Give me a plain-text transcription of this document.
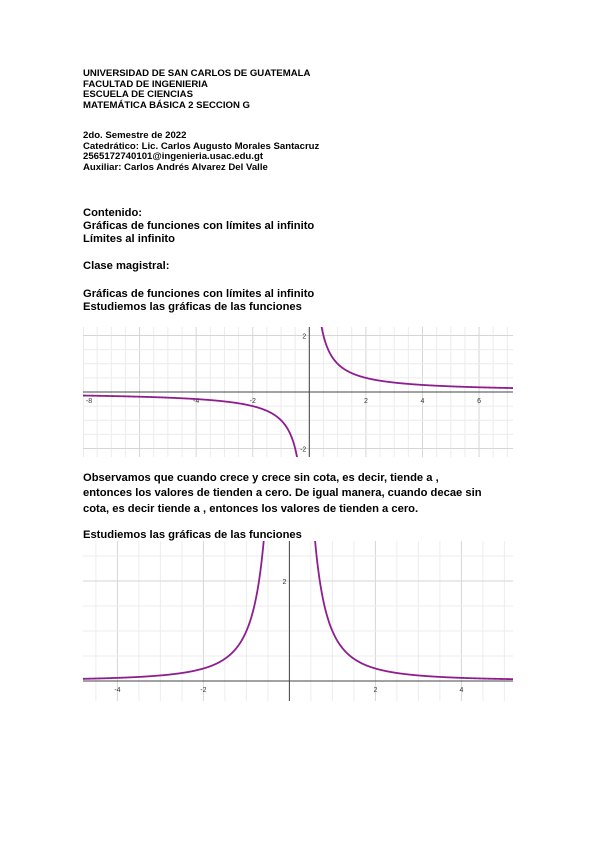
UNIVERSIDAD DE SAN CARLOS DE GUATEMALA
FACULTAD DE INGENIERIA
ESCUELA DE CIENCIAS
MATEMÁTICA BÁSICA 2 SECCION G
2do. Semestre de 2022
Catedrático: Lic. Carlos Augusto Morales Santacruz
2565172740101@ingenieria.usac.edu.gt
Auxiliar: Carlos Andrés Alvarez Del Valle
Contenido:
Gráficas de funciones con límites al infinito
Límites al infinito
Clase magistral:
Gráficas de funciones con límites al infinito
Estudiemos las gráficas de las funciones
-8	-4	-2	2	4	6
2
-2
Observamos que cuando crece y crece sin cota, es decir, tiende a ,
entonces los valores de tienden a cero. De igual manera, cuando decae sin
cota, es decir tiende a , entonces los valores de tienden a cero.
Estudiemos las gráficas de las funciones
-4	-2	2	4
2
